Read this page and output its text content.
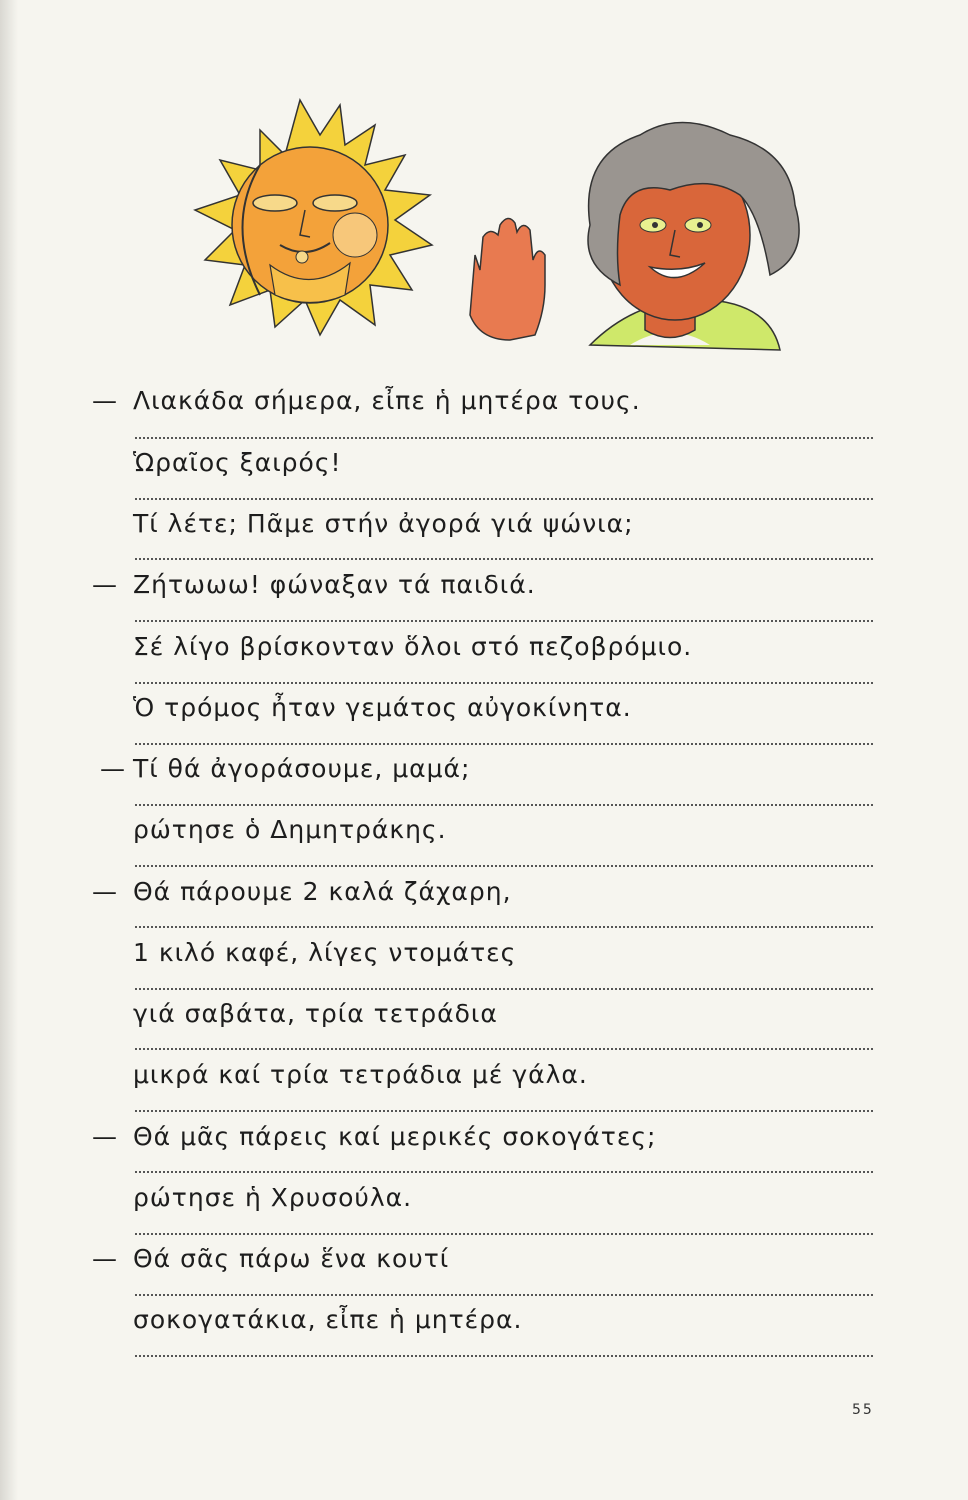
— Λιακάδα σήμερα, εἶπε ἡ μητέρα τους.
Ὡραῖος ξαιρός!
Τί λέτε; Πᾶμε στήν ἀγορά γιά ψώνια;
— Ζήτωωω! φώναξαν τά παιδιά.
Σέ λίγο βρίσκονταν ὅλοι στό πεζοβρόμιο.
Ὁ τρόμος ἦταν γεμάτος αὐγοκίνητα.
— Τί θά ἀγοράσουμε, μαμά;
ρώτησε ὁ Δημητράκης.
— Θά πάρουμε 2 καλά ζάχαρη,
1 κιλό καφέ, λίγες ντομάτες
γιά σαβάτα, τρία τετράδια
μικρά καί τρία τετράδια μέ γάλα.
— Θά μᾶς πάρεις καί μερικές σοκογάτες;
ρώτησε ἡ Χρυσούλα.
— Θά σᾶς πάρω ἕνα κουτί
σοκογατάκια, εἶπε ἡ μητέρα.
55
